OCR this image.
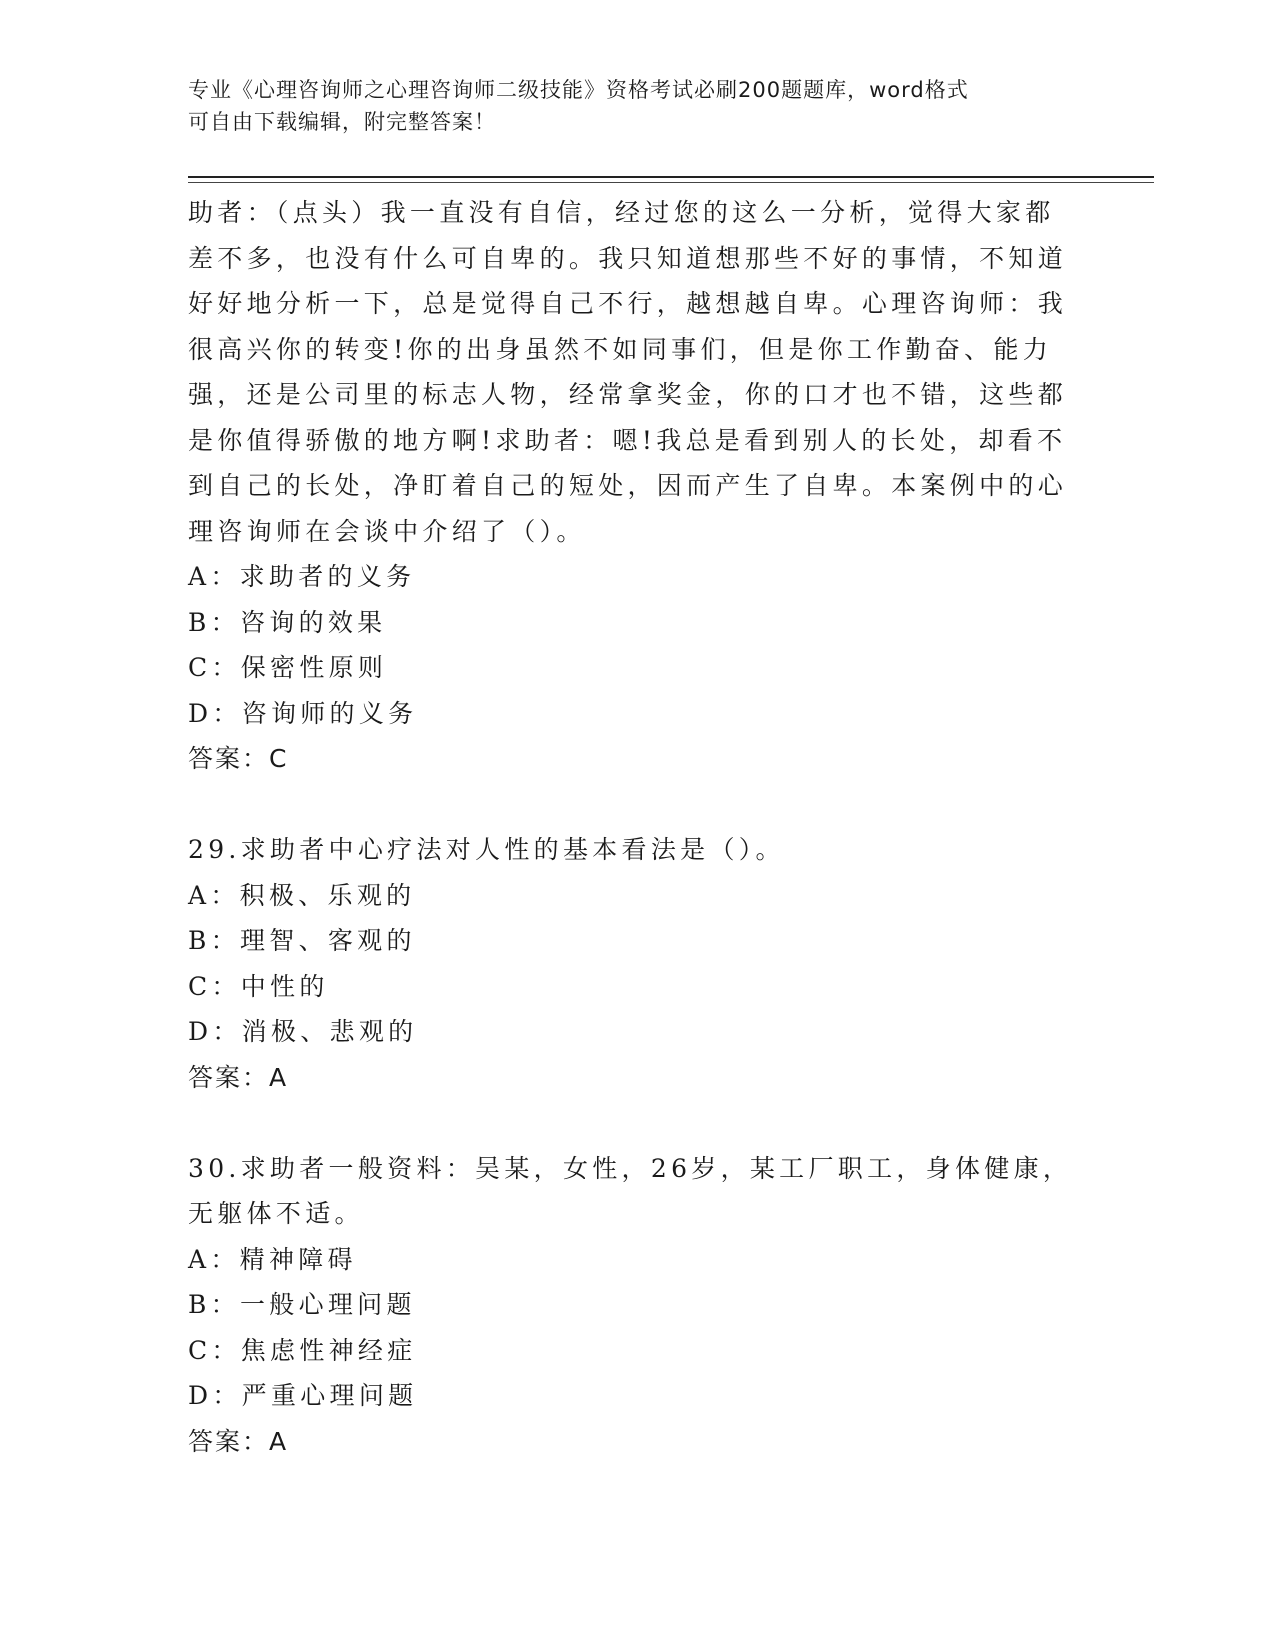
专业《心理咨询师之心理咨询师二级技能》资格考试必刷200题题库，word格式
可自由下载编辑，附完整答案！

助者：（点头）我一直没有自信，经过您的这么一分析，觉得大家都差不多，也没有什么可自卑的。我只知道想那些不好的事情，不知道好好地分析一下，总是觉得自己不行，越想越自卑。心理咨询师：我很高兴你的转变!你的出身虽然不如同事们，但是你工作勤奋、能力强，还是公司里的标志人物，经常拿奖金，你的口才也不错，这些都是你值得骄傲的地方啊!求助者：嗯!我总是看到别人的长处，却看不到自己的长处，净盯着自己的短处，因而产生了自卑。本案例中的心理咨询师在会谈中介绍了（）。

A：求助者的义务

B：咨询的效果

C：保密性原则

D：咨询师的义务

答案：C

29.求助者中心疗法对人性的基本看法是（）。

A：积极、乐观的

B：理智、客观的

C：中性的

D：消极、悲观的

答案：A

30.求助者一般资料：吴某，女性，26岁，某工厂职工，身体健康，无躯体不适。

A：精神障碍

B：一般心理问题

C：焦虑性神经症

D：严重心理问题

答案：A
